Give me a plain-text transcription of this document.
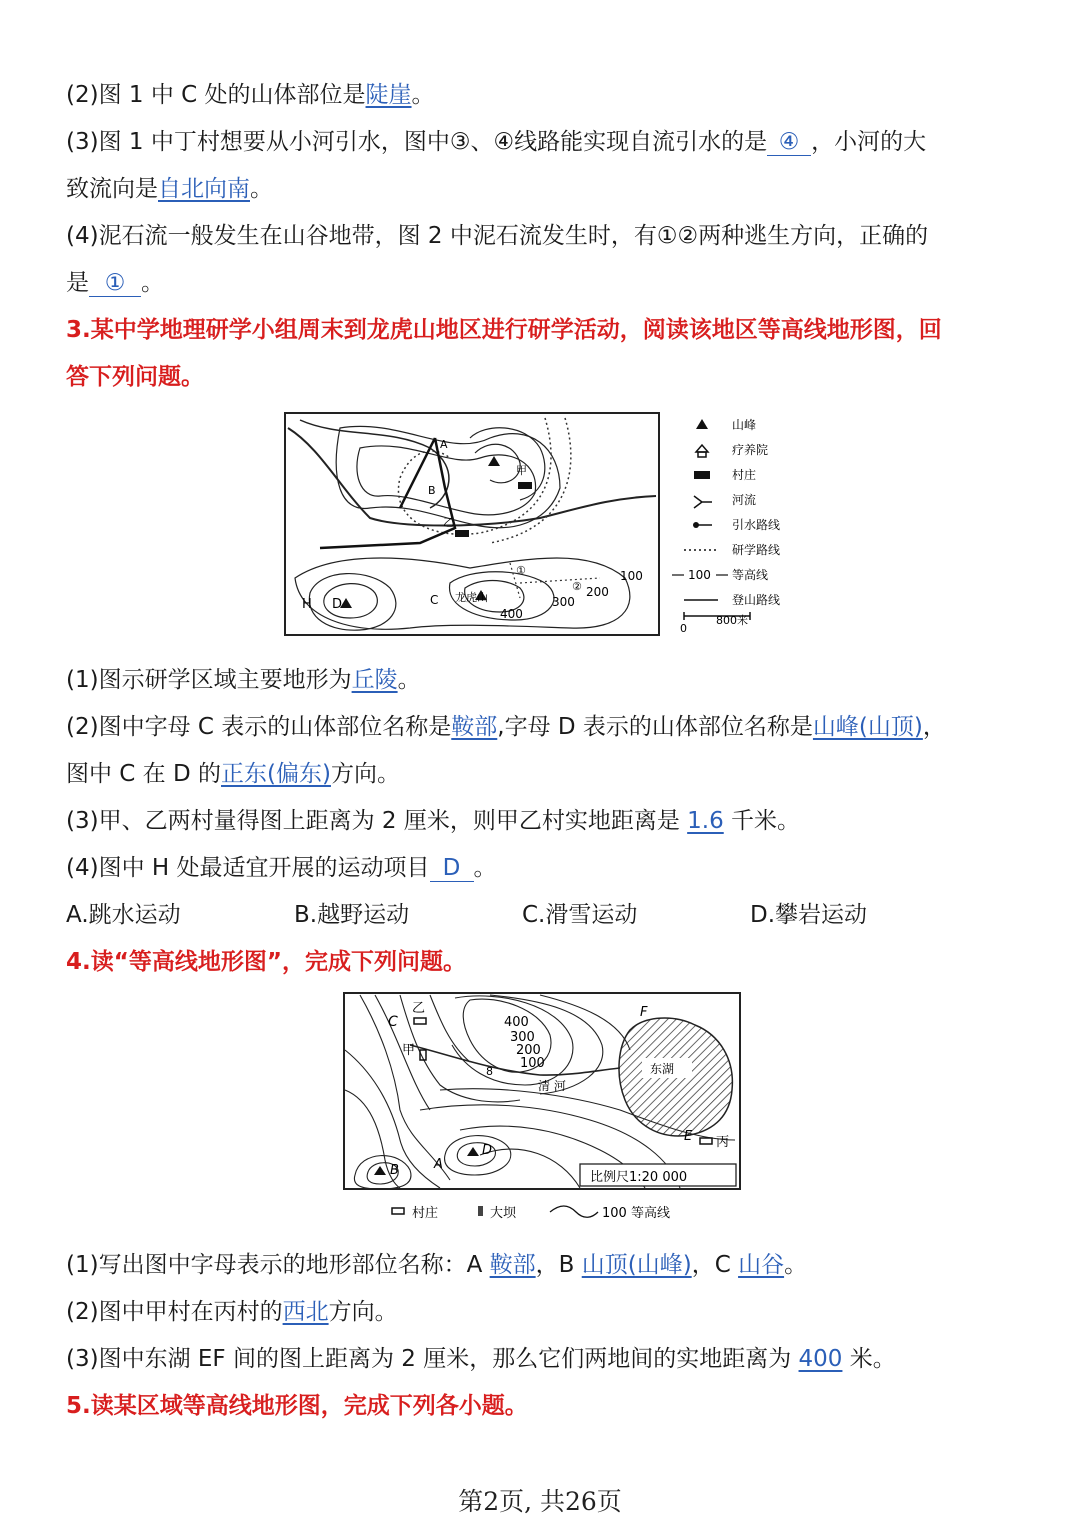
(2)图 1 中 C 处的山体部位是陡崖。
(3)图 1 中丁村想要从小河引水，图中③、④线路能实现自流引水的是 ④ ，小河的大
致流向是自北向南。
(4)泥石流一般发生在山谷地带，图 2 中泥石流发生时，有①②两种逃生方向，正确的
是 ① 。
3.某中学地理研学小组周末到龙虎山地区进行研学活动，阅读该地区等高线地形图，回
答下列问题。
A
B
甲
乙
H D	C 龙虎山
①
②
100
200
300
400
山峰
疗养院
村庄
河流
引水路线
研学路线
100 等高线
登山路线
0
800米
(1)图示研学区域主要地形为丘陵。
(2)图中字母 C 表示的山体部位名称是鞍部,字母 D 表示的山体部位名称是山峰(山顶)，
图中 C 在 D 的正东(偏东)方向。
(3)甲、乙两村量得图上距离为 2 厘米，则甲乙村实地距离是 1.6 千米。
(4)图中 H 处最适宜开展的运动项目 D 。
A.跳水运动	B.越野运动	C.滑雪运动	D.攀岩运动
4.读“等高线地形图”，完成下列问题。
东湖
C
乙
甲
8
清 河
B	A
D
F
E 丙
400
300
200
100
比例尺1:20 000
村庄	大坝	100 等高线
(1)写出图中字母表示的地形部位名称：A 鞍部，B 山顶(山峰)，C 山谷。
(2)图中甲村在丙村的西北方向。
(3)图中东湖 EF 间的图上距离为 2 厘米，那么它们两地间的实地距离为 400 米。
5.读某区域等高线地形图，完成下列各小题。
第2页, 共26页
